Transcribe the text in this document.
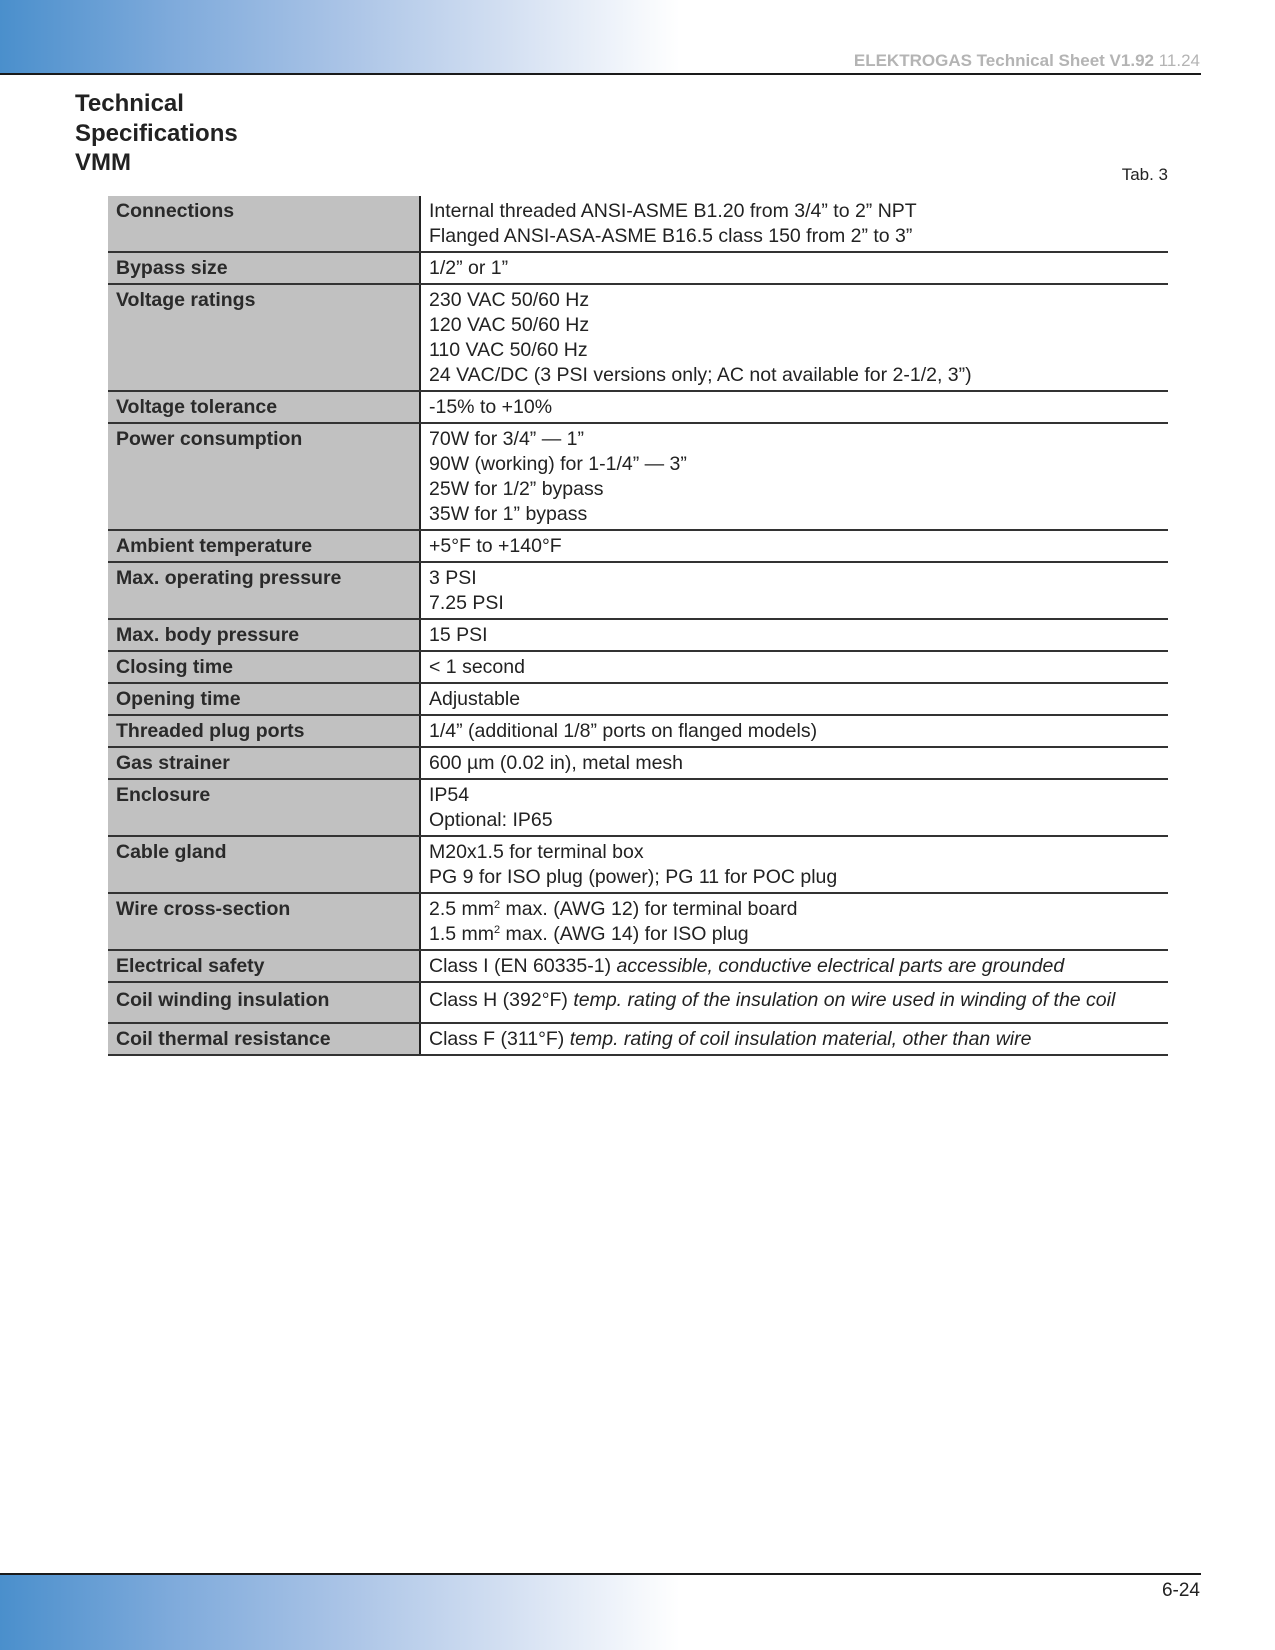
ELEKTROGAS Technical Sheet V1.92 11.24
Technical
Specifications
VMM	Tab. 3
Connections	Internal threaded ANSI-ASME B1.20 from 3/4” to 2” NPT
Flanged ANSI-ASA-ASME B16.5 class 150 from 2” to 3”

Bypass size	1/2” or 1”

Voltage ratings	230 VAC 50/60 Hz
120 VAC 50/60 Hz
110 VAC 50/60 Hz
24 VAC/DC (3 PSI versions only; AC not available for 2-1/2, 3”)

Voltage tolerance	-15% to +10%

Power consumption	70W for 3/4” — 1”
90W (working) for 1-1/4” — 3”
25W for 1/2” bypass
35W for 1” bypass

Ambient temperature	+5°F to +140°F

Max. operating pressure	3 PSI
7.25 PSI

Max. body pressure	15 PSI

Closing time	< 1 second

Opening time	Adjustable

Threaded plug ports	1/4” (additional 1/8” ports on flanged models)

Gas strainer	600 µm (0.02 in), metal mesh

Enclosure	IP54
Optional: IP65

Cable gland	M20x1.5 for terminal box
PG 9 for ISO plug (power); PG 11 for POC plug

Wire cross-section	2.5 $mm^2$ max. (AWG 12) for terminal board
1.5 $mm^2$ max. (AWG 14) for ISO plug

Electrical safety	Class I (EN 60335-1) accessible, conductive electrical parts are grounded
Coil winding insulation	Class H (392°F) temp. rating of the insulation on wire used in winding of the coil
Coil thermal resistance	Class F (311°F) temp. rating of coil insulation material, other than wire
6-24
